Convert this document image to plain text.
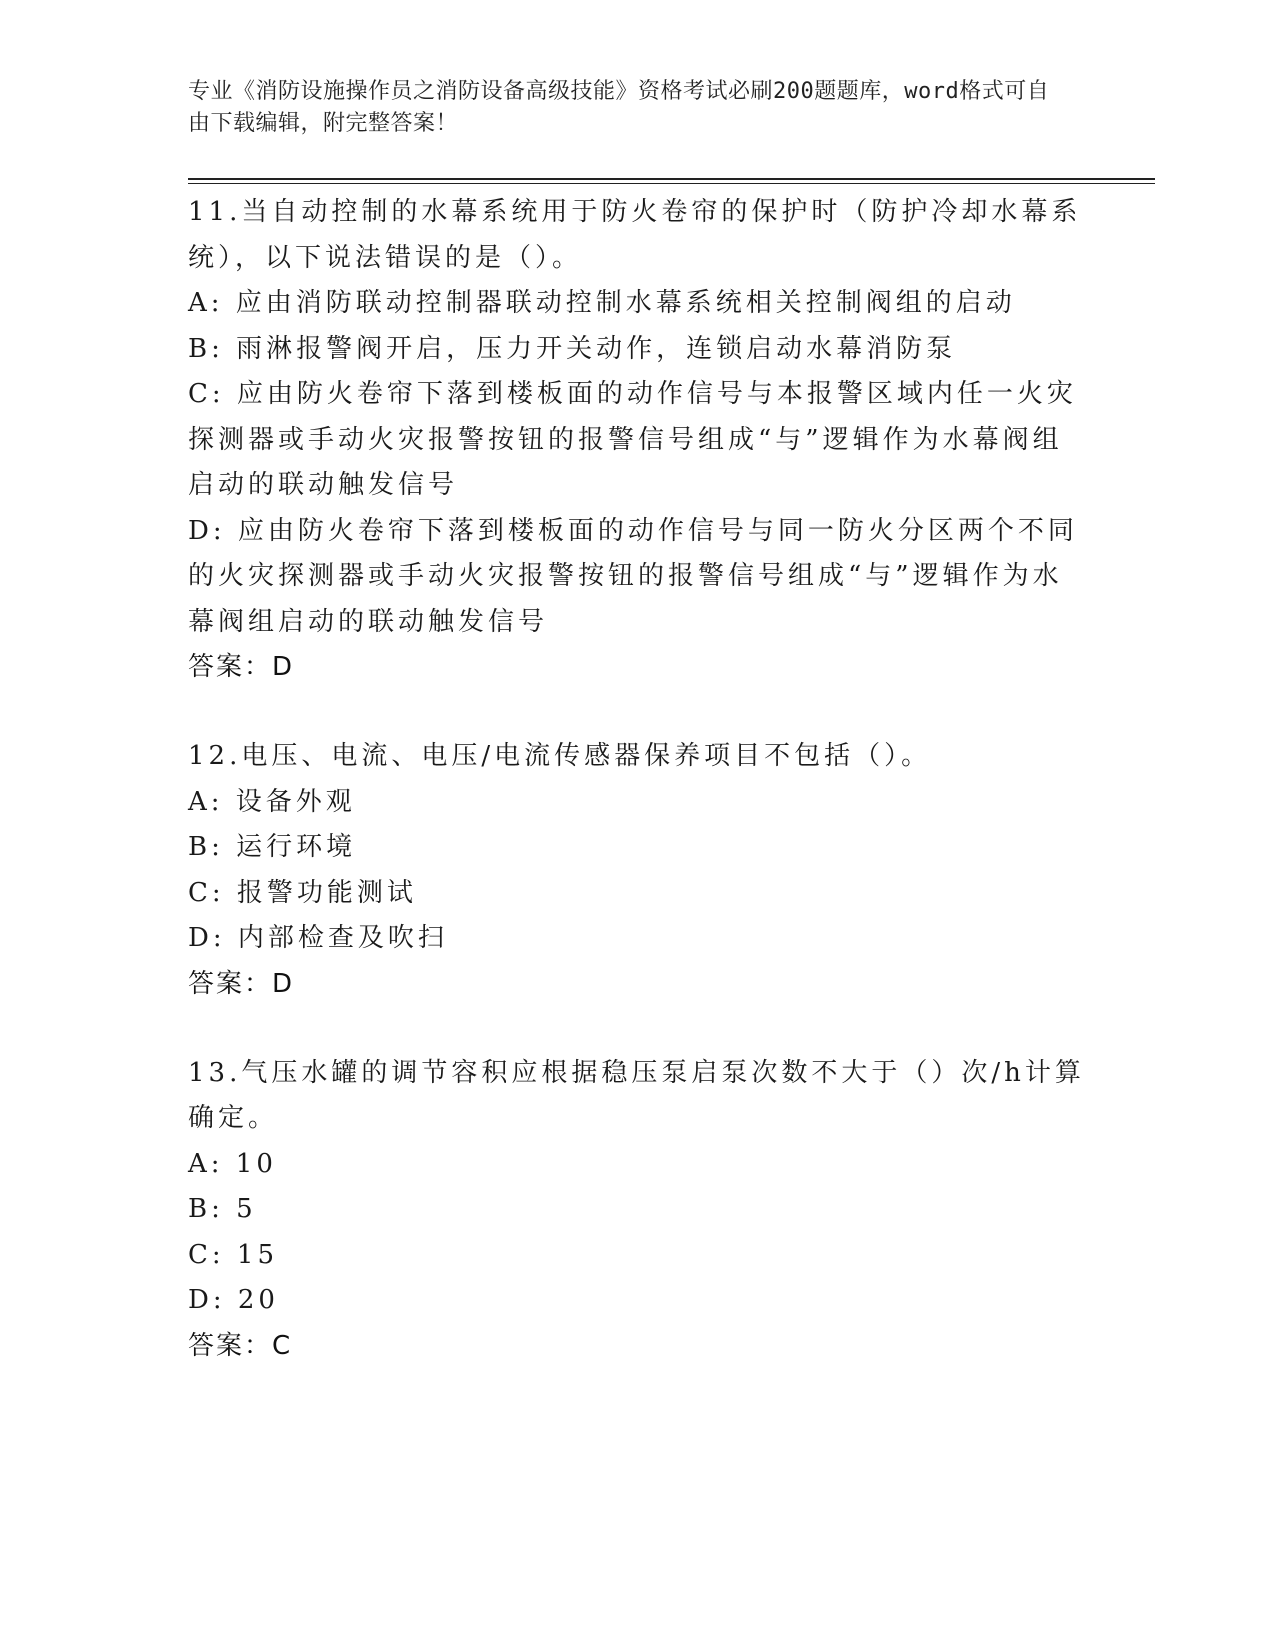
专业《消防设施操作员之消防设备高级技能》资格考试必刷200题题库，word格式可自由下载编辑，附完整答案！
11.当自动控制的水幕系统用于防火卷帘的保护时（防护冷却水幕系统），以下说法错误的是（）。
A: 应由消防联动控制器联动控制水幕系统相关控制阀组的启动
B: 雨淋报警阀开启，压力开关动作，连锁启动水幕消防泵
C: 应由防火卷帘下落到楼板面的动作信号与本报警区域内任一火灾探测器或手动火灾报警按钮的报警信号组成“与”逻辑作为水幕阀组启动的联动触发信号
D: 应由防火卷帘下落到楼板面的动作信号与同一防火分区两个不同的火灾探测器或手动火灾报警按钮的报警信号组成“与”逻辑作为水幕阀组启动的联动触发信号
答案：D
12.电压、电流、电压/电流传感器保养项目不包括（）。
A: 设备外观
B: 运行环境
C: 报警功能测试
D: 内部检查及吹扫
答案：D
13.气压水罐的调节容积应根据稳压泵启泵次数不大于（）次/h计算确定。
A: 10
B: 5
C: 15
D: 20
答案：C
